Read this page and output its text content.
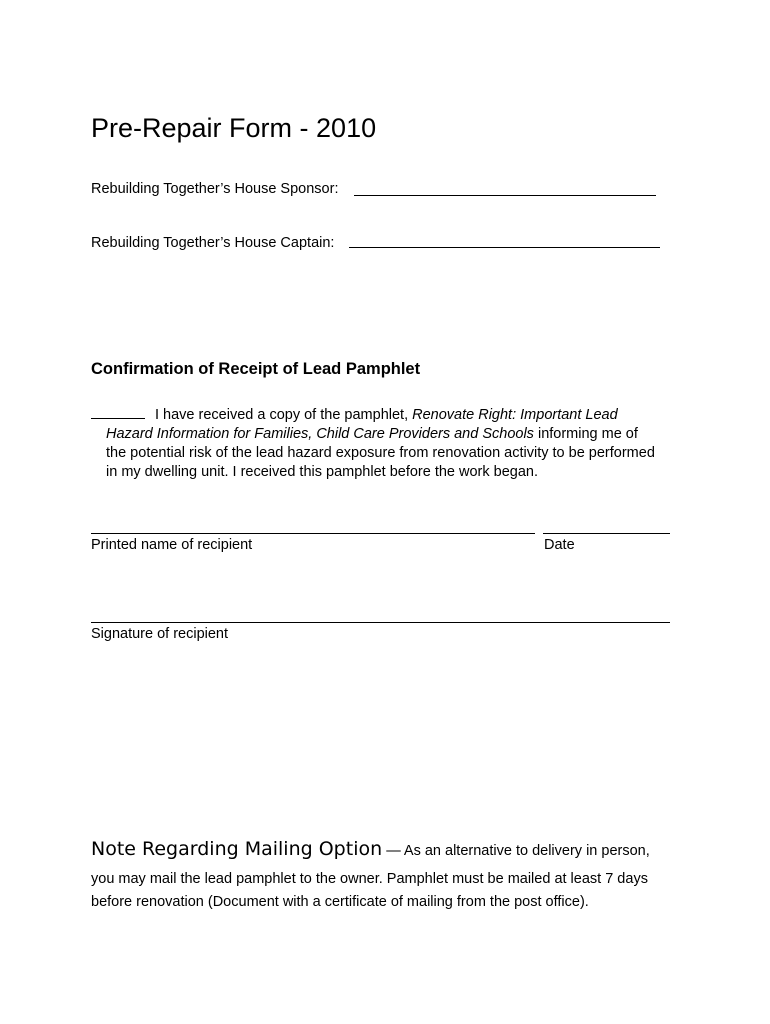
Pre-Repair Form - 2010
Rebuilding Together’s House Sponsor:
Rebuilding Together’s House Captain:
Confirmation of Receipt of Lead Pamphlet

I have received a copy of the pamphlet, Renovate Right: Important Lead
Hazard Information for Families, Child Care Providers and Schools informing me of
the potential risk of the lead hazard exposure from renovation activity to be performed
in my dwelling unit. I received this pamphlet before the work began.

Printed name of recipient	Date
Signature of recipient

Note Regarding Mailing Option — As an alternative to delivery in person,
you may mail the lead pamphlet to the owner. Pamphlet must be mailed at least 7 days
before renovation (Document with a certificate of mailing from the post office).
